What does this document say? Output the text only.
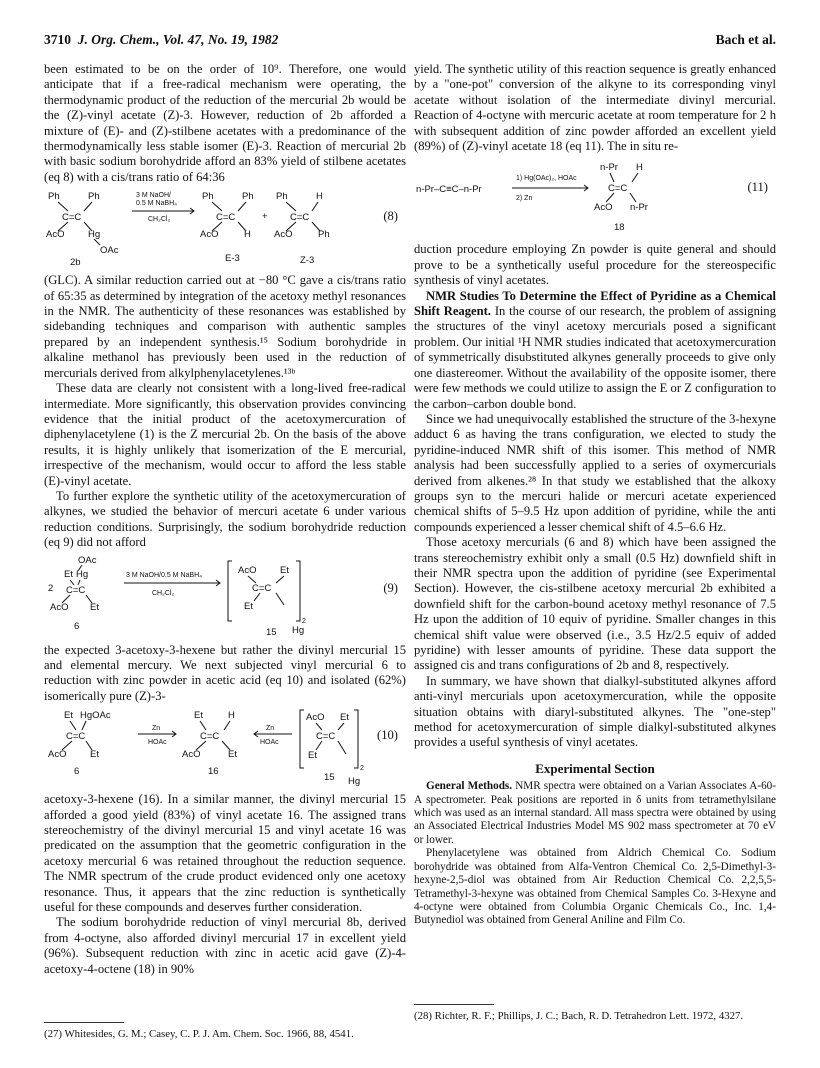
3710 J. Org. Chem., Vol. 47, No. 19, 1982	Bach et al.

been estimated to be on the order of 10⁹. Therefore, one would anticipate that if a free-radical mechanism were operating, the thermodynamic product of the reduction of the mercurial 2b would be the (Z)-vinyl acetate (Z)-3. However, reduction of 2b afforded a mixture of (E)- and (Z)-stilbene acetates with a predominance of the thermodynamically less stable isomer (E)-3. Reaction of mercurial 2b with basic sodium borohydride afford an 83% yield of stilbene acetates (eq 8) with a cis/trans ratio of 64:36

Ph	Ph
C=C
AcO Hg
OAc
2b
3 M NaOH/
0.5 M NaBH₄
CH₂Cl₂
Ph	Ph
C=C
AcO	H
E-3
+
Ph	H
C=C
AcO	Ph
Z-3
(8)

(GLC). A similar reduction carried out at −80 °C gave a cis/trans ratio of 65:35 as determined by integration of the acetoxy methyl resonances in the NMR. The authenticity of these resonances was established by sidebanding techniques and comparison with authentic samples prepared by an independent synthesis.¹⁵ Sodium borohydride in alkaline methanol has previously been used in the reduction of mercurials derived from alkylphenylacetylenes.¹³ᵇ

These data are clearly not consistent with a long-lived free-radical intermediate. More significantly, this observation provides convincing evidence that the initial product of the acetoxymercuration of diphenylacetylene (1) is the Z mercurial 2b. On the basis of the above results, it is highly unlikely that isomerization of the E mercurial, irrespective of the mechanism, would occur to afford the less stable (E)-vinyl acetate.

To further explore the synthetic utility of the acetoxymercuration of alkynes, we studied the behavior of mercuri acetate 6 under various reduction conditions. Surprisingly, the sodium borohydride reduction (eq 9) did not afford

OAc
2
Et Hg
C=C
AcO Et
6
3 M NaOH/0.5 M NaBH₄
CH₂Cl₂
AcO Et
C=C
Et
2
Hg
15
(9)

the expected 3-acetoxy-3-hexene but rather the divinyl mercurial 15 and elemental mercury. We next subjected vinyl mercurial 6 to reduction with zinc powder in acetic acid (eq 10) and isolated (62%) isomerically pure (Z)-3-

Et HgOAc
C=C
AcO Et
6
Zn
HOAc
Et	H
C=C
AcO	Et
16
Zn
HOAc
AcO Et
C=C
Et
2
Hg
15
(10)

acetoxy-3-hexene (16). In a similar manner, the divinyl mercurial 15 afforded a good yield (83%) of vinyl acetate 16. The assigned trans stereochemistry of the divinyl mercurial 15 and vinyl acetate 16 was predicated on the assumption that the geometric configuration in the acetoxy mercurial 6 was retained throughout the reduction sequence. The NMR spectrum of the crude product evidenced only one acetoxy resonance. Thus, it appears that the zinc reduction is synthetically useful for these compounds and deserves further consideration.

The sodium borohydride reduction of vinyl mercurial 8b, derived from 4-octyne, also afforded divinyl mercurial 17 in excellent yield (96%). Subsequent reduction with zinc in acetic acid gave (Z)-4-acetoxy-4-octene (18) in 90%

yield. The synthetic utility of this reaction sequence is greatly enhanced by a "one-pot" conversion of the alkyne to its corresponding vinyl acetate without isolation of the intermediate divinyl mercurial. Reaction of 4-octyne with mercuric acetate at room temperature for 2 h with subsequent addition of zinc powder afforded an excellent yield (89%) of (Z)-vinyl acetate 18 (eq 11). The in situ re-

n-Pr–C≡C–n-Pr
1) Hg(OAc)₂, HOAc
2) Zn
n-Pr H
C=C
AcO n-Pr
18
(11)

duction procedure employing Zn powder is quite general and should prove to be a synthetically useful procedure for the stereospecific synthesis of vinyl acetates.

NMR Studies To Determine the Effect of Pyridine as a Chemical Shift Reagent. In the course of our research, the problem of assigning the structures of the vinyl acetoxy mercurials posed a significant problem. Our initial ¹H NMR studies indicated that acetoxymercuration of symmetrically disubstituted alkynes generally proceeds to give only one diastereomer. Without the availability of the opposite isomer, there were few methods we could utilize to assign the E or Z configuration to the carbon–carbon double bond.

Since we had unequivocally established the structure of the 3-hexyne adduct 6 as having the trans configuration, we elected to study the pyridine-induced NMR shift of this isomer. This method of NMR analysis had been successfully applied to a series of oxymercurials derived from alkenes.²⁸ In that study we established that the alkoxy groups syn to the mercuri halide or mercuri acetate experienced chemical shifts of 5–9.5 Hz upon addition of pyridine, while the anti compounds experienced a lesser chemical shift of 4.5–6.6 Hz.

Those acetoxy mercurials (6 and 8) which have been assigned the trans stereochemistry exhibit only a small (0.5 Hz) downfield shift in their NMR spectra upon the addition of pyridine (see Experimental Section). However, the cis-stilbene acetoxy mercurial 2b exhibited a downfield shift for the carbon-bound acetoxy methyl resonance of 7.5 Hz upon the addition of 10 equiv of pyridine. Smaller changes in this chemical shift value were observed (i.e., 3.5 Hz/2.5 equiv of added pyridine) with lesser amounts of pyridine. These data support the assigned cis and trans configurations of 2b and 8, respectively.

In summary, we have shown that dialkyl-substituted alkynes afford anti-vinyl mercurials upon acetoxymercuration, while the opposite situation obtains with diaryl-substituted alkynes. The "one-step" method for acetoxymercuration of simple dialkyl-substituted alkynes provides a useful synthesis of vinyl acetates.

Experimental Section

General Methods. NMR spectra were obtained on a Varian Associates A-60-A spectrometer. Peak positions are reported in δ units from tetramethylsilane which was used as an internal standard. All mass spectra were obtained by using an Associated Electrical Industries Model MS 902 mass spectrometer at 70 eV or lower.

Phenylacetylene was obtained from Aldrich Chemical Co. Sodium borohydride was obtained from Alfa-Ventron Chemical Co. 2,5-Dimethyl-3-hexyne-2,5-diol was obtained from Air Reduction Chemical Co. 2,2,5,5-Tetramethyl-3-hexyne was obtained from Chemical Samples Co. 3-Hexyne and 4-octyne were obtained from Columbia Organic Chemicals Co., Inc. 1,4-Butynediol was obtained from General Aniline and Film Co.

(27) Whitesides, G. M.; Casey, C. P. J. Am. Chem. Soc. 1966, 88, 4541.
(28) Richter, R. F.; Phillips, J. C.; Bach, R. D. Tetrahedron Lett. 1972, 4327.
